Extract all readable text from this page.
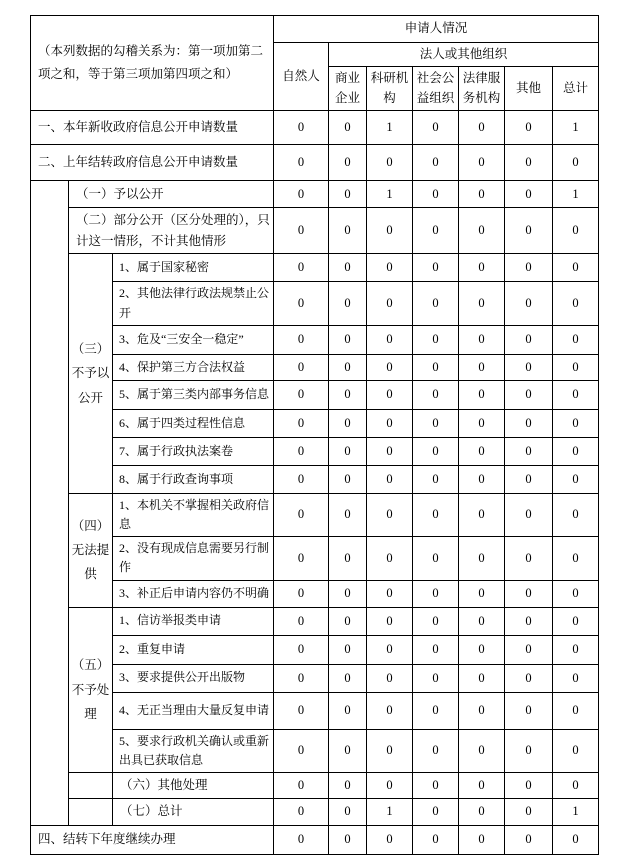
（本列数据的勾稽关系为：第一项加第二项之和，等于第三项加第四项之和）			申请人情况						
			自然人	法人或其他组织					
				商业企业	科研机构	社会公益组织	法律服务机构	其他	总计
一、本年新收政府信息公开申请数量			0	0	1	0	0	0	1
二、上年结转政府信息公开申请数量			0	0	0	0	0	0	0
	（一）予以公开		0	0	1	0	0	0	1
	（二）部分公开（区分处理的），只计这一情形，不计其他情形		0	0	0	0	0	0	0
	（三）不予以公开	1、属于国家秘密	0	0	0	0	0	0	0
		2、其他法律行政法规禁止公开	0	0	0	0	0	0	0
		3、危及“三安全一稳定”	0	0	0	0	0	0	0
		4、保护第三方合法权益	0	0	0	0	0	0	0
		5、属于第三类内部事务信息	0	0	0	0	0	0	0
		6、属于四类过程性信息	0	0	0	0	0	0	0
		7、属于行政执法案卷	0	0	0	0	0	0	0
		8、属于行政查询事项	0	0	0	0	0	0	0
	（四）无法提供	1、本机关不掌握相关政府信息	0	0	0	0	0	0	0
		2、没有现成信息需要另行制作	0	0	0	0	0	0	0
		3、补正后申请内容仍不明确	0	0	0	0	0	0	0
	（五）不予处理	1、信访举报类申请	0	0	0	0	0	0	0
		2、重复申请	0	0	0	0	0	0	0
		3、要求提供公开出版物	0	0	0	0	0	0	0
		4、无正当理由大量反复申请	0	0	0	0	0	0	0
		5、要求行政机关确认或重新出具已获取信息	0	0	0	0	0	0	0
		（六）其他处理	0	0	0	0	0	0	0
		（七）总计	0	0	1	0	0	0	1
四、结转下年度继续办理			0	0	0	0	0	0	0
